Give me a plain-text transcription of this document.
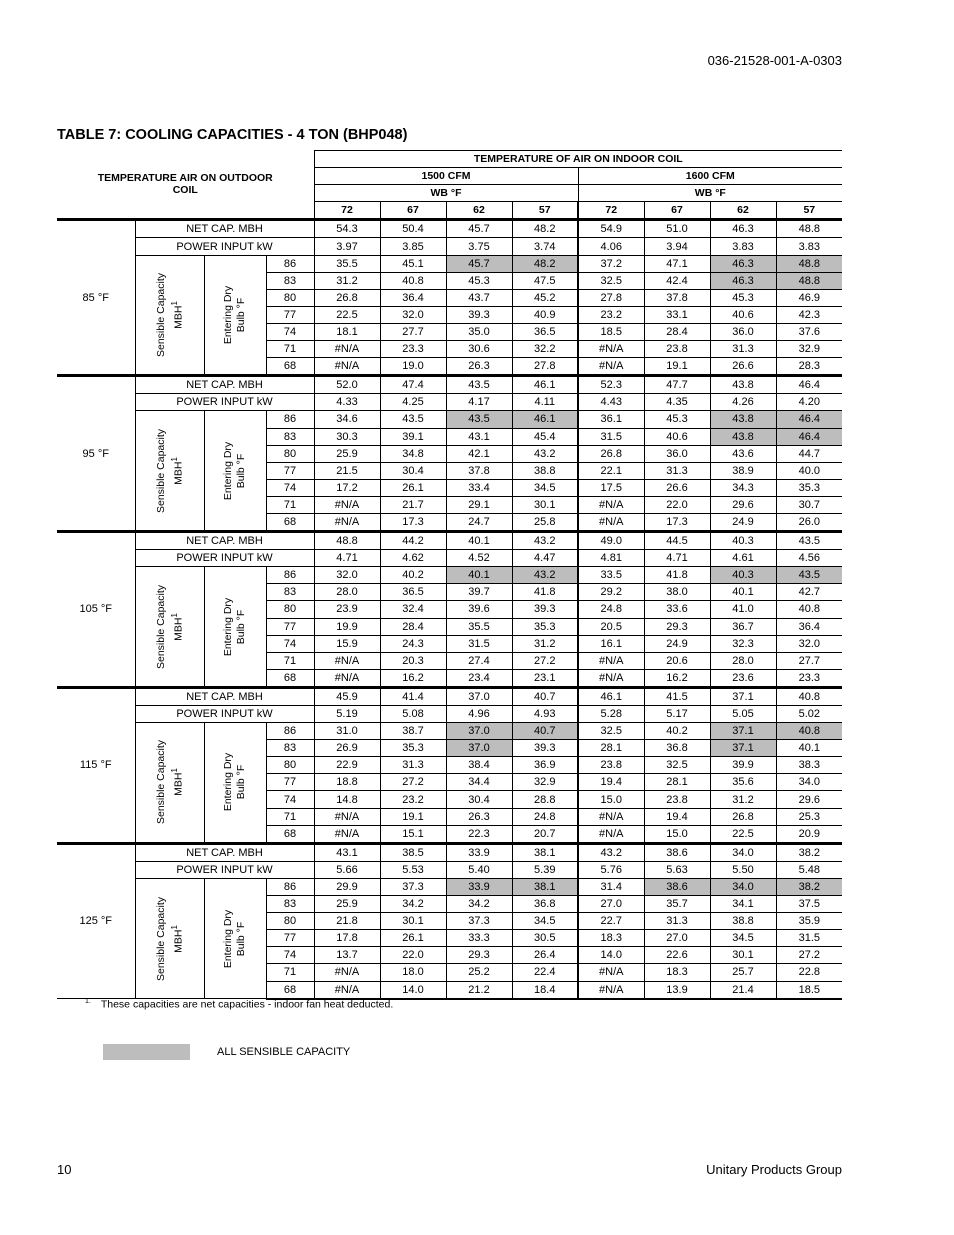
036-21528-001-A-0303
TABLE 7: COOLING CAPACITIES - 4 TON (BHP048)
TEMPERATURE AIR ON OUTDOOR COIL				TEMPERATURE OF AIR ON INDOOR COIL							
				1500 CFM				1600 CFM			
				WB °F				WB °F			
				72	67	62	57	72	67	62	57
85 °F	NET CAP. MBH			54.3	50.4	45.7	48.2	54.9	51.0	46.3	48.8
	POWER INPUT kW			3.97	3.85	3.75	3.74	4.06	3.94	3.83	3.83

	Sensible Capacity MBH$^1$	Entering Dry Bulb °F	86	35.5	45.1	45.7	48.2	37.2	47.1	46.3	48.8
			83	31.2	40.8	45.3	47.5	32.5	42.4	46.3	48.8
			80	26.8	36.4	43.7	45.2	27.8	37.8	45.3	46.9
			77	22.5	32.0	39.3	40.9	23.2	33.1	40.6	42.3
			74	18.1	27.7	35.0	36.5	18.5	28.4	36.0	37.6
			71	#N/A	23.3	30.6	32.2	#N/A	23.8	31.3	32.9
			68	#N/A	19.0	26.3	27.8	#N/A	19.1	26.6	28.3
95 °F	NET CAP. MBH			52.0	47.4	43.5	46.1	52.3	47.7	43.8	46.4
	POWER INPUT kW			4.33	4.25	4.17	4.11	4.43	4.35	4.26	4.20

	Sensible Capacity MBH$^1$	Entering Dry Bulb °F	86	34.6	43.5	43.5	46.1	36.1	45.3	43.8	46.4
			83	30.3	39.1	43.1	45.4	31.5	40.6	43.8	46.4
			80	25.9	34.8	42.1	43.2	26.8	36.0	43.6	44.7
			77	21.5	30.4	37.8	38.8	22.1	31.3	38.9	40.0
			74	17.2	26.1	33.4	34.5	17.5	26.6	34.3	35.3
			71	#N/A	21.7	29.1	30.1	#N/A	22.0	29.6	30.7
			68	#N/A	17.3	24.7	25.8	#N/A	17.3	24.9	26.0
105 °F	NET CAP. MBH			48.8	44.2	40.1	43.2	49.0	44.5	40.3	43.5
	POWER INPUT kW			4.71	4.62	4.52	4.47	4.81	4.71	4.61	4.56

	Sensible Capacity MBH$^1$	Entering Dry Bulb °F	86	32.0	40.2	40.1	43.2	33.5	41.8	40.3	43.5
			83	28.0	36.5	39.7	41.8	29.2	38.0	40.1	42.7
			80	23.9	32.4	39.6	39.3	24.8	33.6	41.0	40.8
			77	19.9	28.4	35.5	35.3	20.5	29.3	36.7	36.4
			74	15.9	24.3	31.5	31.2	16.1	24.9	32.3	32.0
			71	#N/A	20.3	27.4	27.2	#N/A	20.6	28.0	27.7
			68	#N/A	16.2	23.4	23.1	#N/A	16.2	23.6	23.3
115 °F	NET CAP. MBH			45.9	41.4	37.0	40.7	46.1	41.5	37.1	40.8
	POWER INPUT kW			5.19	5.08	4.96	4.93	5.28	5.17	5.05	5.02

	Sensible Capacity MBH$^1$	Entering Dry Bulb °F	86	31.0	38.7	37.0	40.7	32.5	40.2	37.1	40.8
			83	26.9	35.3	37.0	39.3	28.1	36.8	37.1	40.1
			80	22.9	31.3	38.4	36.9	23.8	32.5	39.9	38.3
			77	18.8	27.2	34.4	32.9	19.4	28.1	35.6	34.0
			74	14.8	23.2	30.4	28.8	15.0	23.8	31.2	29.6
			71	#N/A	19.1	26.3	24.8	#N/A	19.4	26.8	25.3
			68	#N/A	15.1	22.3	20.7	#N/A	15.0	22.5	20.9
125 °F	NET CAP. MBH			43.1	38.5	33.9	38.1	43.2	38.6	34.0	38.2
	POWER INPUT kW			5.66	5.53	5.40	5.39	5.76	5.63	5.50	5.48

	Sensible Capacity MBH$^1$	Entering Dry Bulb °F	86	29.9	37.3	33.9	38.1	31.4	38.6	34.0	38.2
			83	25.9	34.2	34.2	36.8	27.0	35.7	34.1	37.5
			80	21.8	30.1	37.3	34.5	22.7	31.3	38.8	35.9
			77	17.8	26.1	33.3	30.5	18.3	27.0	34.5	31.5
			74	13.7	22.0	29.3	26.4	14.0	22.6	30.1	27.2
			71	#N/A	18.0	25.2	22.4	#N/A	18.3	25.7	22.8
			68	#N/A	14.0	21.2	18.4	#N/A	13.9	21.4	18.5
$^{1.}$ These capacities are net capacities - indoor fan heat deducted.
ALL SENSIBLE CAPACITY
10	Unitary Products Group
